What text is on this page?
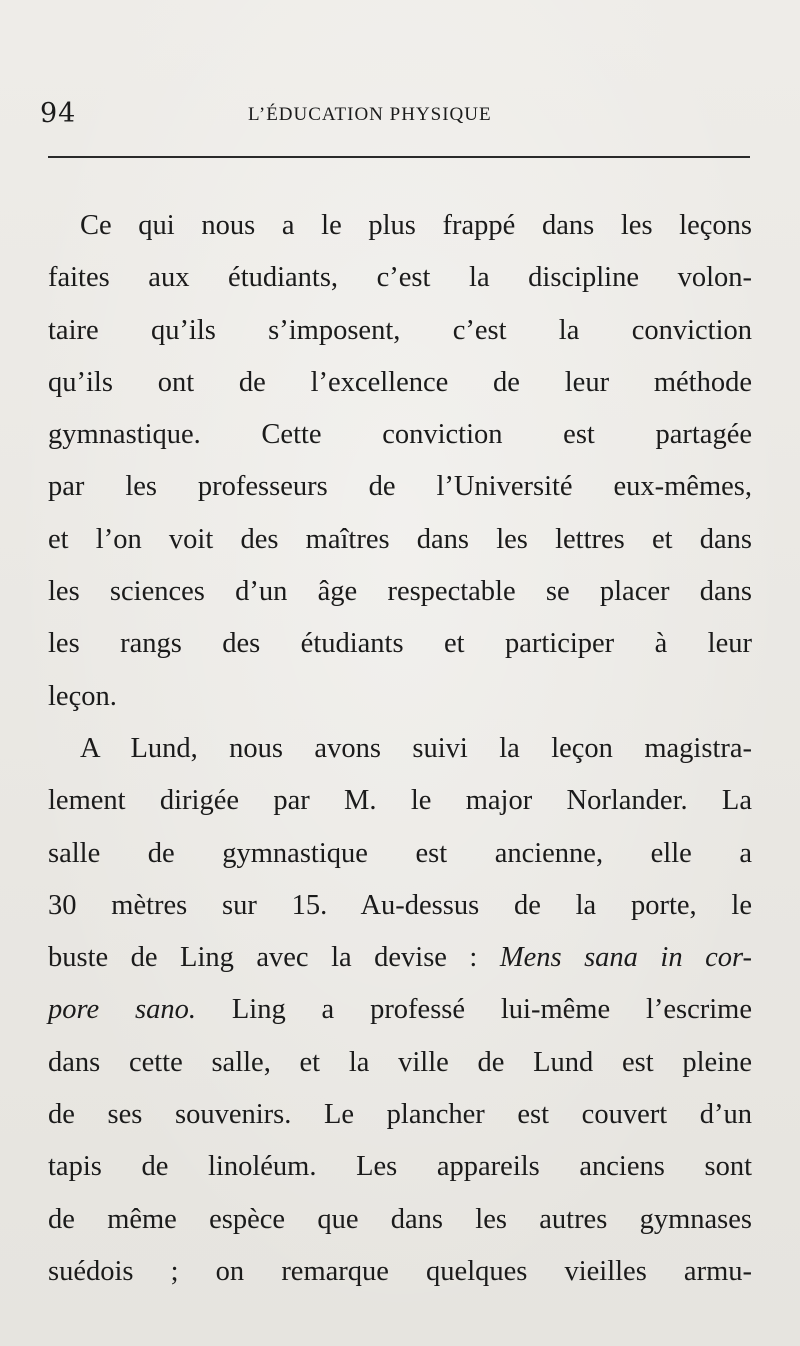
94	L’ÉDUCATION PHYSIQUE
Ce qui nous a le plus frappé dans les leçons
faites aux étudiants, c’est la discipline volon-
taire qu’ils s’imposent, c’est la conviction
qu’ils ont de l’excellence de leur méthode
gymnastique. Cette conviction est partagée
par les professeurs de l’Université eux-mêmes,
et l’on voit des maîtres dans les lettres et dans
les sciences d’un âge respectable se placer dans
les rangs des étudiants et participer à leur
leçon.
A Lund, nous avons suivi la leçon magistra-
lement dirigée par M. le major Norlander. La
salle de gymnastique est ancienne, elle a
30 mètres sur 15. Au-dessus de la porte, le
buste de Ling avec la devise : Mens sana in cor-
pore sano. Ling a professé lui-même l’escrime
dans cette salle, et la ville de Lund est pleine
de ses souvenirs. Le plancher est couvert d’un
tapis de linoléum. Les appareils anciens sont
de même espèce que dans les autres gymnases
suédois ; on remarque quelques vieilles armu-
